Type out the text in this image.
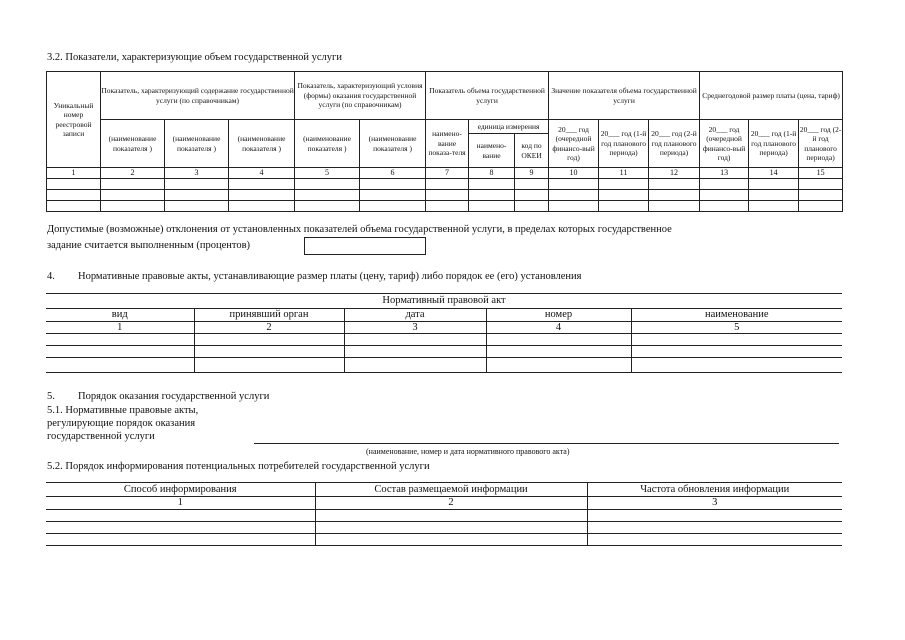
3.2. Показатели, характеризующие объем государственной услуги
Уникальный номер реестровой записи	Показатель, характеризующий содержание государственной услуги (по справочникам)			Показатель, характеризующий условия (формы) оказания государственной услуги (по справочникам)		Показатель объема государственной услуги			Значение показателя объема государственной услуги			Среднегодовой размер платы (цена, тариф)		
	(наименование показателя )	(наименование показателя )	(наименование показателя )	(наименование показателя )	(наименование показателя )	наимено-вание показа-теля	единица измерения		20___ год (очередной финансо-вый год)	20___ год (1-й год планового периода)	20___ год (2-й год планового периода)	20___ год (очередной финансо-вый год)	20___ год (1-й год планового периода)	20___ год (2-й год планового периода)
							наимено-вание	код по ОКЕИ						
1	2	3	4	5	6	7	8	9	10	11	12	13	14	15

Допустимые (возможные) отклонения от установленных показателей объема государственной услуги, в пределах которых государственное
задание считается выполненным (процентов)
4. Нормативные правовые акты, устанавливающие размер платы (цену, тариф) либо порядок ее (его) установления
Нормативный правовой акт				
вид	принявший орган	дата	номер	наименование
1	2	3	4	5

5. Порядок оказания государственной услуги
5.1. Нормативные правовые акты,
регулирующие порядок оказания
государственной услуги
(наименование, номер и дата нормативного правового акта)
5.2. Порядок информирования потенциальных потребителей государственной услуги
Способ информирования	Состав размещаемой информации	Частота обновления информации
1	2	3
